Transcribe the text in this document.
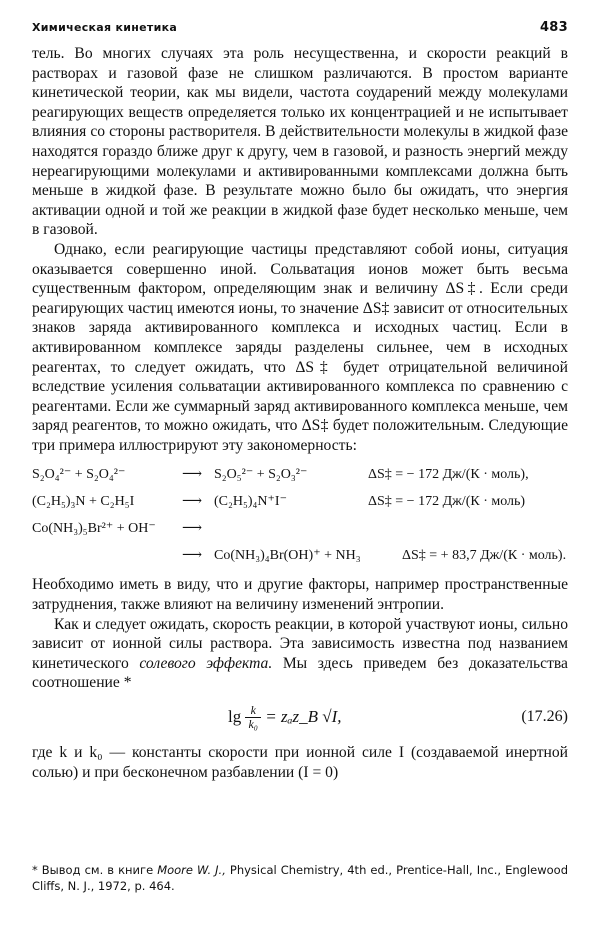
Химическая кинетика	483

тель. Во многих случаях эта роль несущественна, и скорости реакций в растворах и газовой фазе не слишком различаются. В простом варианте кинетической теории, как мы видели, частота соударений между молекулами реагирующих веществ определяется только их концентрацией и не испытывает влияния со стороны растворителя. В действительности молекулы в жидкой фазе находятся гораздо ближе друг к другу, чем в газовой, и разность энергий между нереагирующими молекулами и активированными комплексами должна быть меньше в жидкой фазе. В результате можно было бы ожидать, что энергия активации одной и той же реакции в жидкой фазе будет несколько меньше, чем в газовой.

Однако, если реагирующие частицы представляют собой ионы, ситуация оказывается совершенно иной. Сольватация ионов может быть весьма существенным фактором, определяющим знак и величину ΔS‡. Если среди реагирующих частиц имеются ионы, то значение ΔS‡ зависит от относительных знаков заряда активированного комплекса и исходных частиц. Если в активированном комплексе заряды разделены сильнее, чем в исходных реагентах, то следует ожидать, что ΔS‡ будет отрицательной величиной вследствие усиления сольватации активированного комплекса по сравнению с реагентами. Если же суммарный заряд активированного комплекса меньше, чем заряд реагентов, то можно ожидать, что ΔS‡ будет положительным. Следующие три примера иллюстрируют эту закономерность:

S₂O₄²⁻ + S₂O₄²⁻	⟶ S₂O₅²⁻ + S₂O₃²⁻	ΔS‡ = − 172 Дж/(К · моль),
(C₂H₅)₃N + C₂H₅I	⟶ (C₂H₅)₄N⁺I⁻	ΔS‡ = − 172 Дж/(К · моль)
Co(NH₃)₅Br²⁺ + OH⁻	⟶
⟶ Co(NH₃)₄Br(OH)⁺ + NH₃	ΔS‡ = + 83,7 Дж/(К · моль).

Необходимо иметь в виду, что и другие факторы, например пространственные затруднения, также влияют на величину изменений энтропии.

Как и следует ожидать, скорость реакции, в которой участвуют ионы, сильно зависит от ионной силы раствора. Эта зависимость известна под названием кинетического солевого эффекта. Мы здесь приведем без доказательства соотношение *

$\lg \frac{k}{\text{k₀}}$ = zₐz_B √I,	(17.26)

где k и k₀ — константы скорости при ионной силе I (создаваемой инертной солью) и при бесконечном разбавлении (I = 0)

* Вывод см. в книге Moore W. J., Physical Chemistry, 4th ed., Prentice-Hall, Inc., Englewood Cliffs, N. J., 1972, p. 464.
